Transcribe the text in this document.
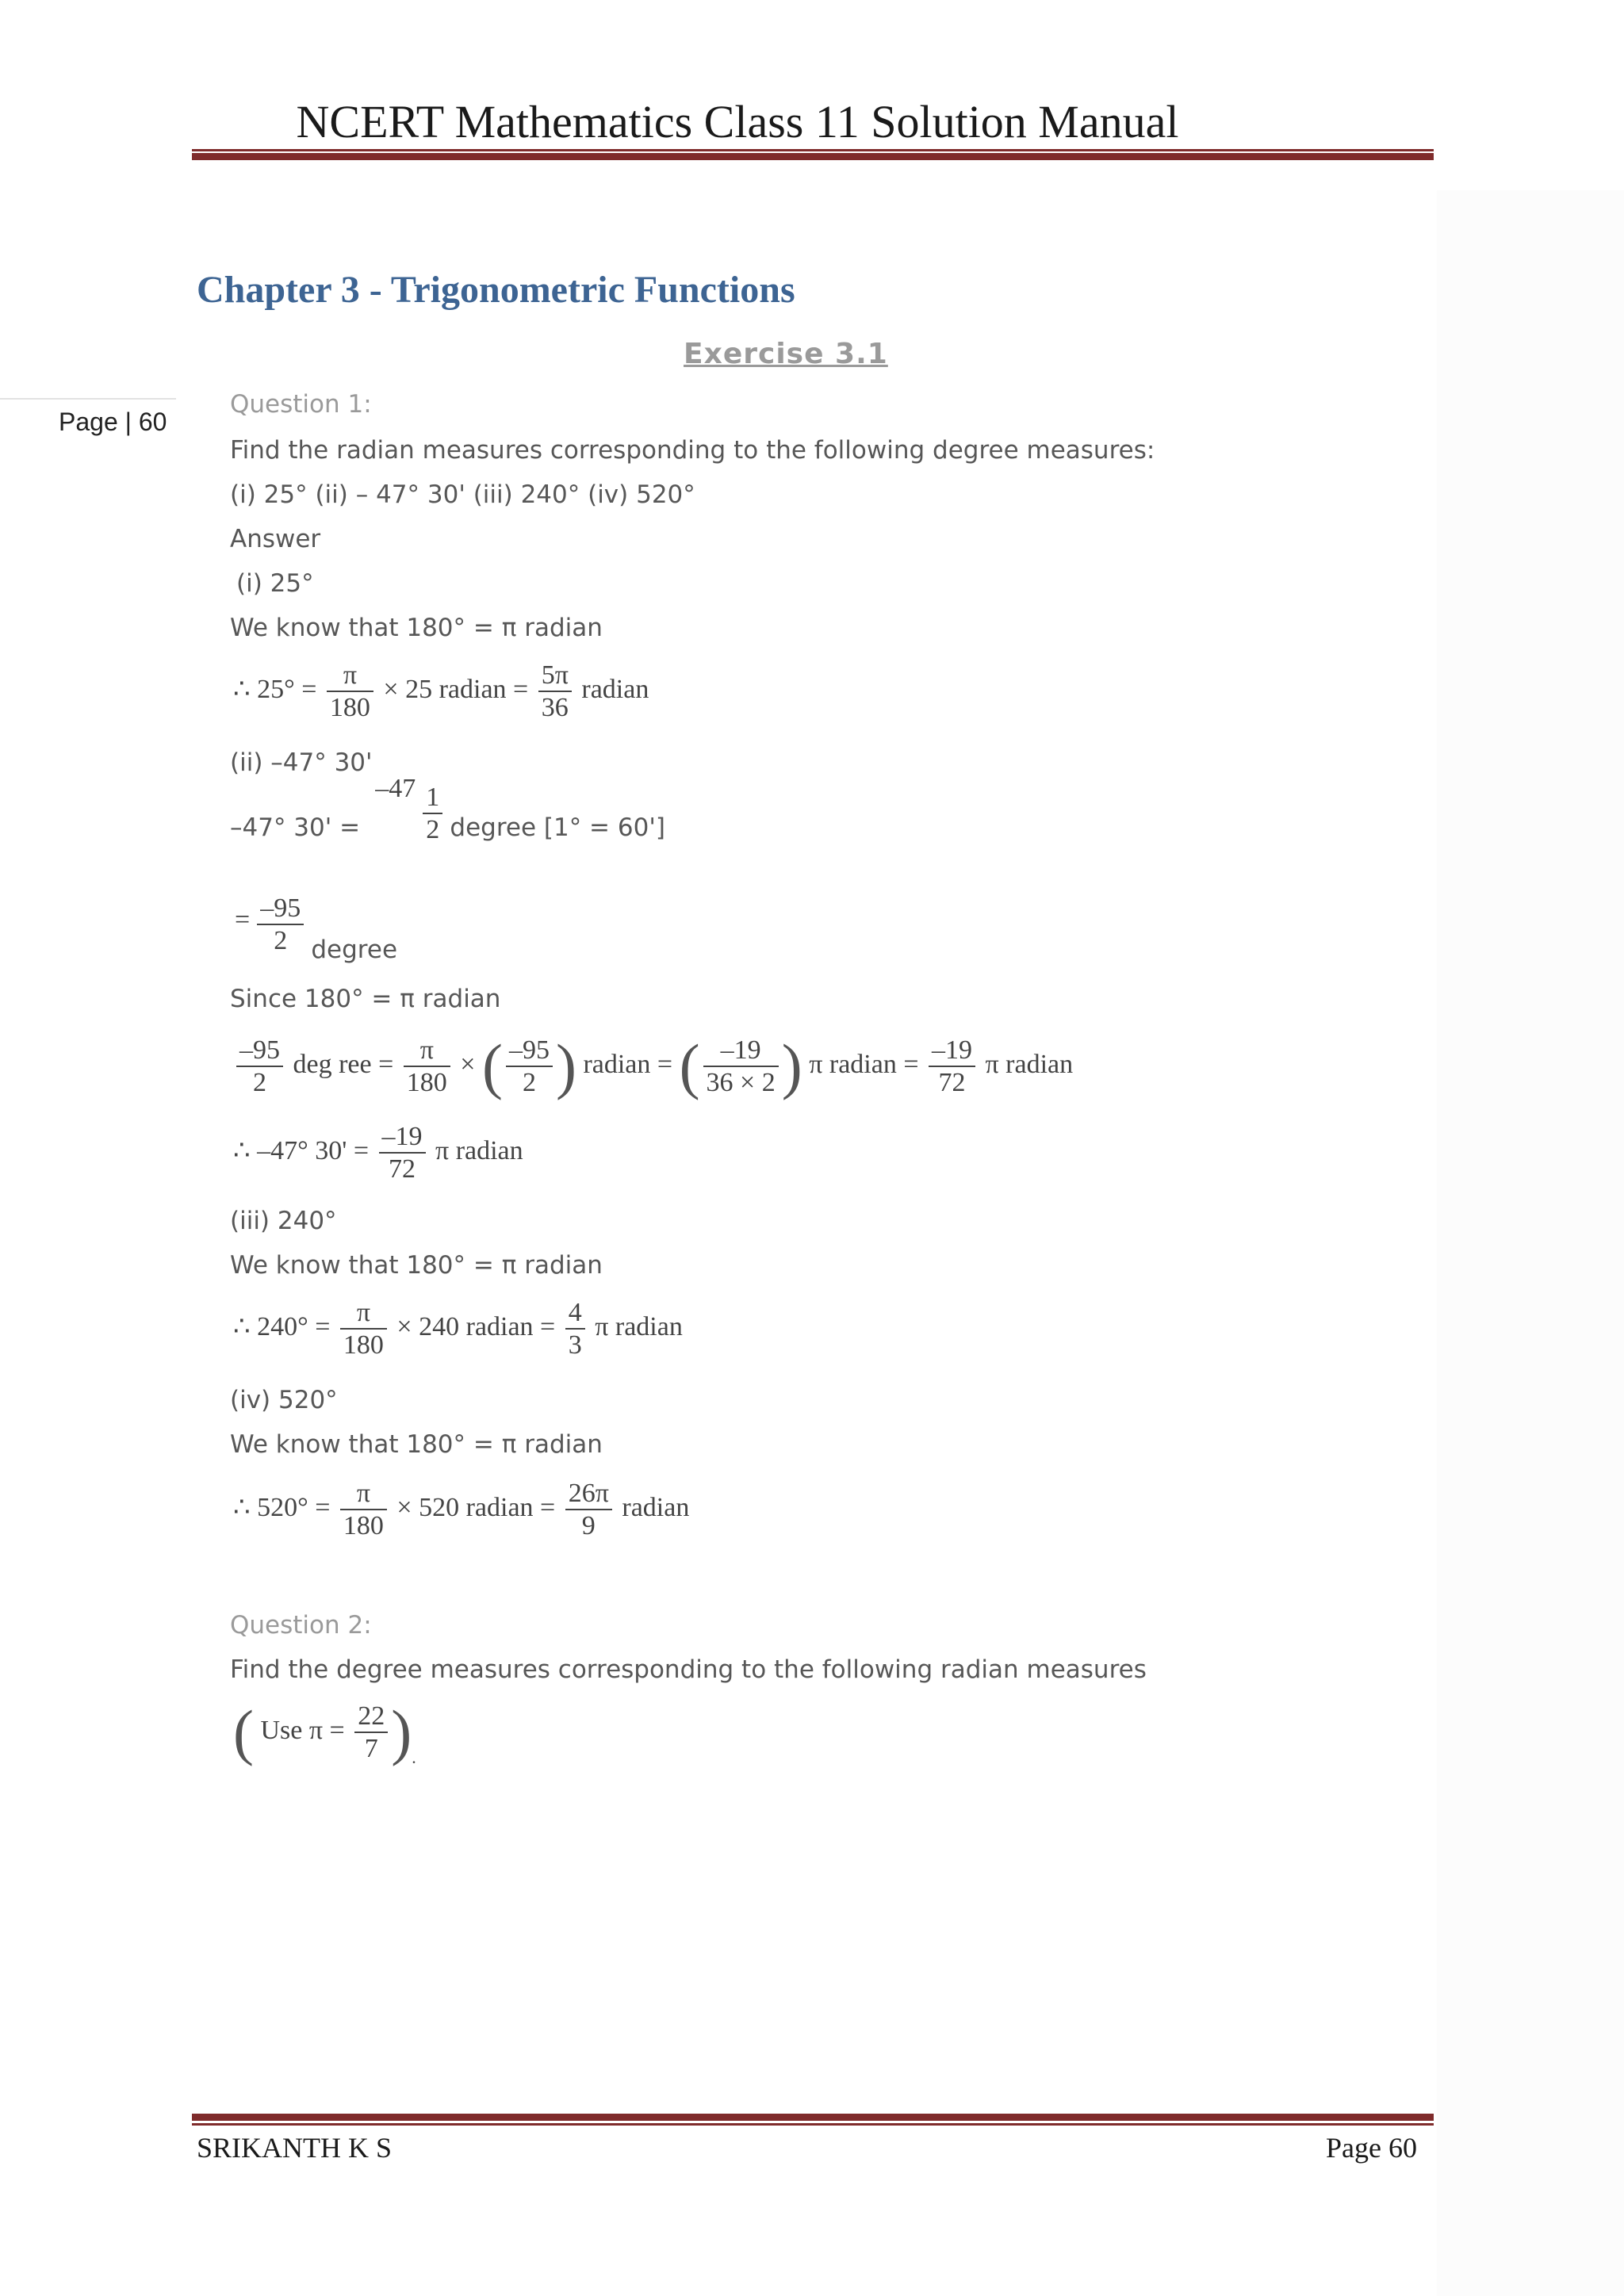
NCERT Mathematics Class 11 Solution Manual
Chapter 3 - Trigonometric Functions
Exercise 3.1
Page | 60
Question 1:
Find the radian measures corresponding to the following degree measures:
(i) 25° (ii) – 47° 30' (iii) 240° (iv) 520°
Answer
(i) 25°
We know that 180° = π radian
∴ $25^\circ = \frac{\pi}{180} \times 25$ radian = $\frac{5\pi}{36}$ radian
(ii) –47° 30'
–47° $30' = -47 \frac{1}{2}$ degree [1° = 60']
= $\frac{-95}{2}$ degree
Since 180° = π radian
$\frac{-95}{2}$ deg ree = $\frac{\pi}{180}$ × ( $\frac{-95}{2}$ ) radian = ( $\frac{-19}{36 \times 2}$ ) π radian = $\frac{-19}{72}$ π radian
∴ –47° $30' = \frac{-19}{72}$ π radian
(iii) 240°
We know that 180° = π radian
∴ $240^\circ = \frac{\pi}{180} \times 240$ radian = $\frac{4}{3}$ π radian
(iv) 520°
We know that 180° = π radian
∴ $520^\circ = \frac{\pi}{180} \times 520$ radian = $\frac{26\pi}{9}$ radian
Question 2:
Find the degree measures corresponding to the following radian measures
( Use $\pi = \frac{22}{7}$ ).
SRIKANTH K S	Page 60
